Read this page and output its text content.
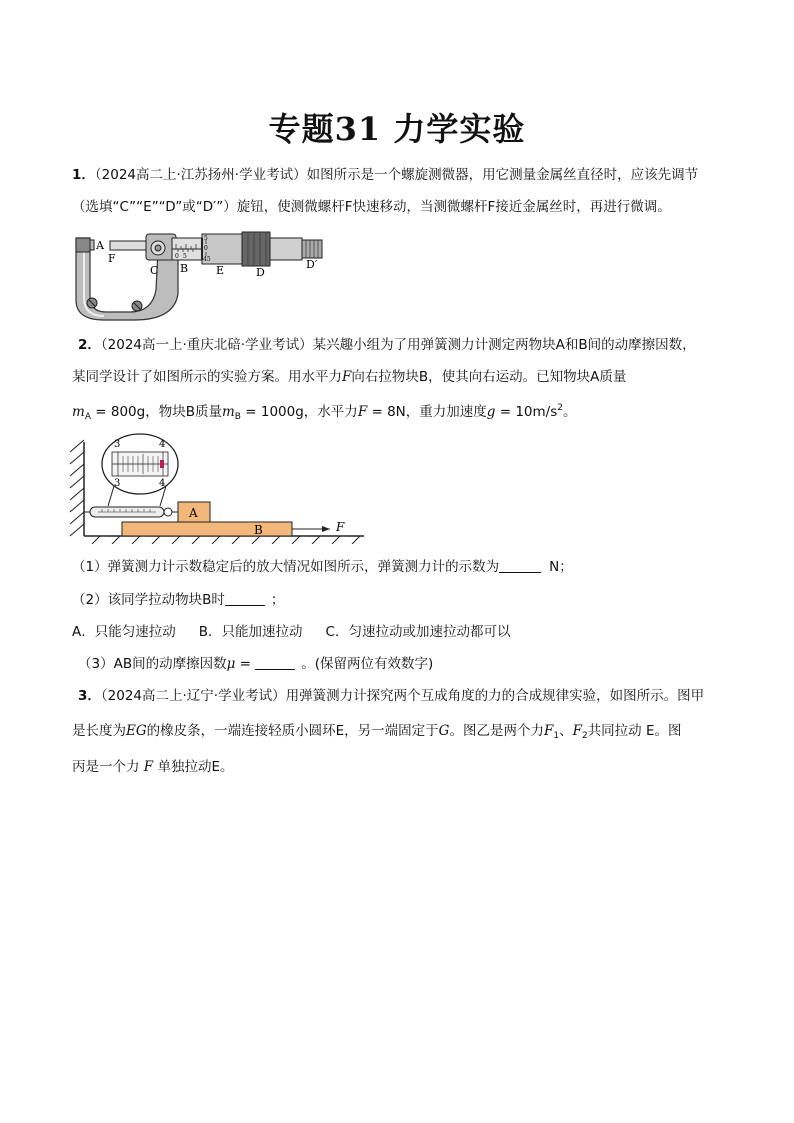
专题31 力学实验
1．（2024高二上·江苏扬州·学业考试）如图所示是一个螺旋测微器，用它测量金属丝直径时，应该先调节
（选填“C”“E”“D”或“D′”）旋钮，使测微螺杆F快速移动，当测微螺杆F接近金属丝时，再进行微调。
A
F
C B	E	D
D′
0 5
5
0
45
2．（2024高一上·重庆北碚·学业考试）某兴趣小组为了用弹簧测力计测定两物块A和B间的动摩擦因数，
某同学设计了如图所示的实验方案。用水平力F向右拉物块B，使其向右运动。已知物块A质量
$m_A = 800g$，物块B质量$m_B = 1000g$，水平力F = 8N，重力加速度$g = 10m/s^2$。
3	4
3	4
A
B	F
（1）弹簧测力计示数稳定后的放大情况如图所示，弹簧测力计的示数为	N；
（2）该同学拉动物块B时	；
A．只能匀速拉动 B．只能加速拉动 C．匀速拉动或加速拉动都可以
（3）AB间的动摩擦因数μ =	。(保留两位有效数字)
3．（2024高二上·辽宁·学业考试）用弹簧测力计探究两个互成角度的力的合成规律实验，如图所示。图甲
是长度为EG的橡皮条，一端连接轻质小圆环E，另一端固定于G。图乙是两个力$F_1$、$F_2$共同拉动 E。图
丙是一个力 F 单独拉动E。
